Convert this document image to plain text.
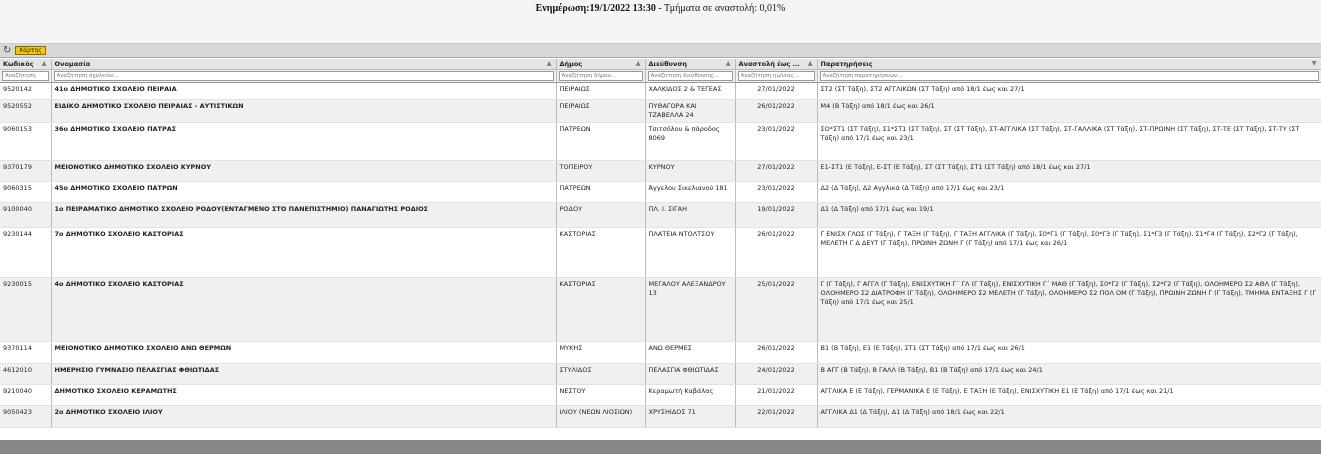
Ενημέρωση:19/1/2022 13:30 - Τμήματα σε αναστολή: 0,01%
↻	Χάρτης
Κωδικός ▲	Ονομασία ▲	Δήμος ▲	Διεύθυνση ▲	Αναστολή έως ... ▲	Παρατηρήσεις ▼

Αναζήτηση	Αναζήτηση σχολείου...	Αναζήτηση δήμου...	Αναζήτηση διεύθυνσης...	Αναζήτηση ημ/νίας...	Αναζήτηση παρατηρήσεων...
9520142	41ο ΔΗΜΟΤΙΚΟ ΣΧΟΛΕΙΟ ΠΕΙΡΑΙΑ	ΠΕΙΡΑΙΩΣ	ΧΑΛΚΙΔΟΣ 2 & ΤΕΓΕΑΣ	27/01/2022	ΣΤ2 (ΣΤ Τάξη), ΣΤ2 ΑΓΓΛΙΚΩΝ (ΣΤ Τάξη) από 18/1 έως και 27/1
9520552	ΕΙΔΙΚΟ ΔΗΜΟΤΙΚΟ ΣΧΟΛΕΙΟ ΠΕΙΡΑΙΑΣ - ΑΥΤΙΣΤΙΚΩΝ	ΠΕΙΡΑΙΩΣ	ΠΥΘΑΓΟΡΑ ΚΑΙ ΤΖΑΒΕΛΛΑ 24	26/01/2022	Μ4 (Β Τάξη) από 18/1 έως και 26/1
9060153	36ο ΔΗΜΟΤΙΚΟ ΣΧΟΛΕΙΟ ΠΑΤΡΑΣ	ΠΑΤΡΕΩΝ	Τσιτσόλου & πάροδος 8069	23/01/2022	ΣΟ*ΣΤ1 (ΣΤ Τάξη), Σ1*ΣΤ1 (ΣΤ Τάξη), ΣΤ (ΣΤ Τάξη), ΣΤ-ΑΓΓΛΙΚΑ (ΣΤ Τάξη), ΣΤ-ΓΑΛΛΙΚΑ (ΣΤ Τάξη), ΣΤ-ΠΡΩΙΝΗ (ΣΤ Τάξη), ΣΤ-ΤΕ (ΣΤ Τάξη), ΣΤ-ΤΥ (ΣΤ Τάξη) από 17/1 έως και 23/1
9370179	ΜΕΙΟΝΟΤΙΚΟ ΔΗΜΟΤΙΚΟ ΣΧΟΛΕΙΟ ΚΥΡΝΟΥ	ΤΟΠΕΙΡΟΥ	ΚΥΡΝΟΥ	27/01/2022	Ε1-ΣΤ1 (Ε Τάξη), Ε-ΣΤ (Ε Τάξη), ΣΤ (ΣΤ Τάξη), ΣΤ1 (ΣΤ Τάξη) από 18/1 έως και 27/1
9060315	45ο ΔΗΜΟΤΙΚΟ ΣΧΟΛΕΙΟ ΠΑΤΡΩΝ	ΠΑΤΡΕΩΝ	Άγγελου Σικελιανού 181	23/01/2022	Δ2 (Δ Τάξη), Δ2 Αγγλικά (Δ Τάξη) από 17/1 έως και 23/1
9100040	1ο ΠΕΙΡΑΜΑΤΙΚΟ ΔΗΜΟΤΙΚΟ ΣΧΟΛΕΙΟ ΡΟΔΟΥ(ΕΝΤΑΓΜΕΝΟ ΣΤΟ ΠΑΝΕΠΙΣΤΗΜΙΟ) ΠΑΝΑΓΙΩΤΗΣ ΡΟΔΙΟΣ	ΡΟΔΟΥ	ΠΛ. Ι. ΣΙΓΑΗ	19/01/2022	Δ1 (Δ Τάξη) από 17/1 έως και 19/1
9230144	7ο ΔΗΜΟΤΙΚΟ ΣΧΟΛΕΙΟ ΚΑΣΤΟΡΙΑΣ	ΚΑΣΤΟΡΙΑΣ	ΠΛΑΤΕΙΑ ΝΤΟΛΤΣΟΥ	26/01/2022	Γ ΕΝΙΣΧ ΓΛΩΣ (Γ Τάξη), Γ ΤΑΞΗ (Γ Τάξη), Γ ΤΑΞΗ ΑΓΓΛΙΚΑ (Γ Τάξη), Σ0*Γ1 (Γ Τάξη), Σ0*Γ3 (Γ Τάξη), Σ1*Γ3 (Γ Τάξη), Σ1*Γ4 (Γ Τάξη), Σ2*Γ2 (Γ Τάξη), ΜΕΛΕΤΗ Γ Δ ΔΕΥΤ (Γ Τάξη), ΠΡΩΙΝΗ ΖΩΝΗ Γ (Γ Τάξη) από 17/1 έως και 26/1
9230015	4ο ΔΗΜΟΤΙΚΟ ΣΧΟΛΕΙΟ ΚΑΣΤΟΡΙΑΣ	ΚΑΣΤΟΡΙΑΣ	ΜΕΓΑΛΟΥ ΑΛΕΞΑΝΔΡΟΥ 13	25/01/2022	Γ (Γ Τάξη), Γ ΑΓΓΛ (Γ Τάξη), ΕΝΙΣΧΥΤΙΚΗ Γ΄ ΓΛ (Γ Τάξη), ΕΝΙΣΧΥΤΙΚΗ Γ΄ ΜΑΘ (Γ Τάξη), Σ0*Γ2 (Γ Τάξη), Σ2*Γ2 (Γ Τάξη), ΟΛΟΗΜΕΡΟ Σ2 ΑΘΛ (Γ Τάξη), ΟΛΟΗΜΕΡΟ Σ2 ΔΙΑΤΡΟΦΗ (Γ Τάξη), ΟΛΟΗΜΕΡΟ Σ2 ΜΕΛΕΤΗ (Γ Τάξη), ΟΛΟΗΜΕΡΟ Σ2 ΠΟΛ ΟΜ (Γ Τάξη), ΠΡΩΙΝΗ ΖΩΝΗ Γ (Γ Τάξη), ΤΜΗΜΑ ΕΝΤΑΞΗΣ Γ (Γ Τάξη) από 17/1 έως και 25/1
9370114	ΜΕΙΟΝΟΤΙΚΟ ΔΗΜΟΤΙΚΟ ΣΧΟΛΕΙΟ ΑΝΩ ΘΕΡΜΩΝ	ΜΥΚΗΣ	ΑΝΩ ΘΕΡΜΕΣ	26/01/2022	Β1 (Β Τάξη), Ε1 (Ε Τάξη), ΣΤ1 (ΣΤ Τάξη) από 17/1 έως και 26/1
4612010	ΗΜΕΡΗΣΙΟ ΓΥΜΝΑΣΙΟ ΠΕΛΑΣΓΙΑΣ ΦΘΙΩΤΙΔΑΣ	ΣΤΥΛΙΔΟΣ	ΠΕΛΑΣΓΙΑ ΦΘΙΩΤΙΔΑΣ	24/01/2022	Β ΑΓΓ (Β Τάξη), Β ΓΑΛΛ (Β Τάξη), Β1 (Β Τάξη) από 17/1 έως και 24/1
9210040	ΔΗΜΟΤΙΚΟ ΣΧΟΛΕΙΟ ΚΕΡΑΜΩΤΗΣ	ΝΕΣΤΟΥ	Κεραμωτή Καβάλας	21/01/2022	ΑΓΓΛΙΚΑ Ε (Ε Τάξη), ΓΕΡΜΑΝΙΚΑ Ε (Ε Τάξη), Ε ΤΑΞΗ (Ε Τάξη), ΕΝΙΣΧΥΤΙΚΗ Ε1 (Ε Τάξη) από 17/1 έως και 21/1
9050423	2ο ΔΗΜΟΤΙΚΟ ΣΧΟΛΕΙΟ ΙΛΙΟΥ	ΙΛΙΟΥ (ΝΕΩΝ ΛΙΟΣΙΩΝ)	ΧΡΥΣΗΙΔΟΣ 71	22/01/2022	ΑΓΓΛΙΚΑ Δ1 (Δ Τάξη), Δ1 (Δ Τάξη) από 18/1 έως και 22/1
